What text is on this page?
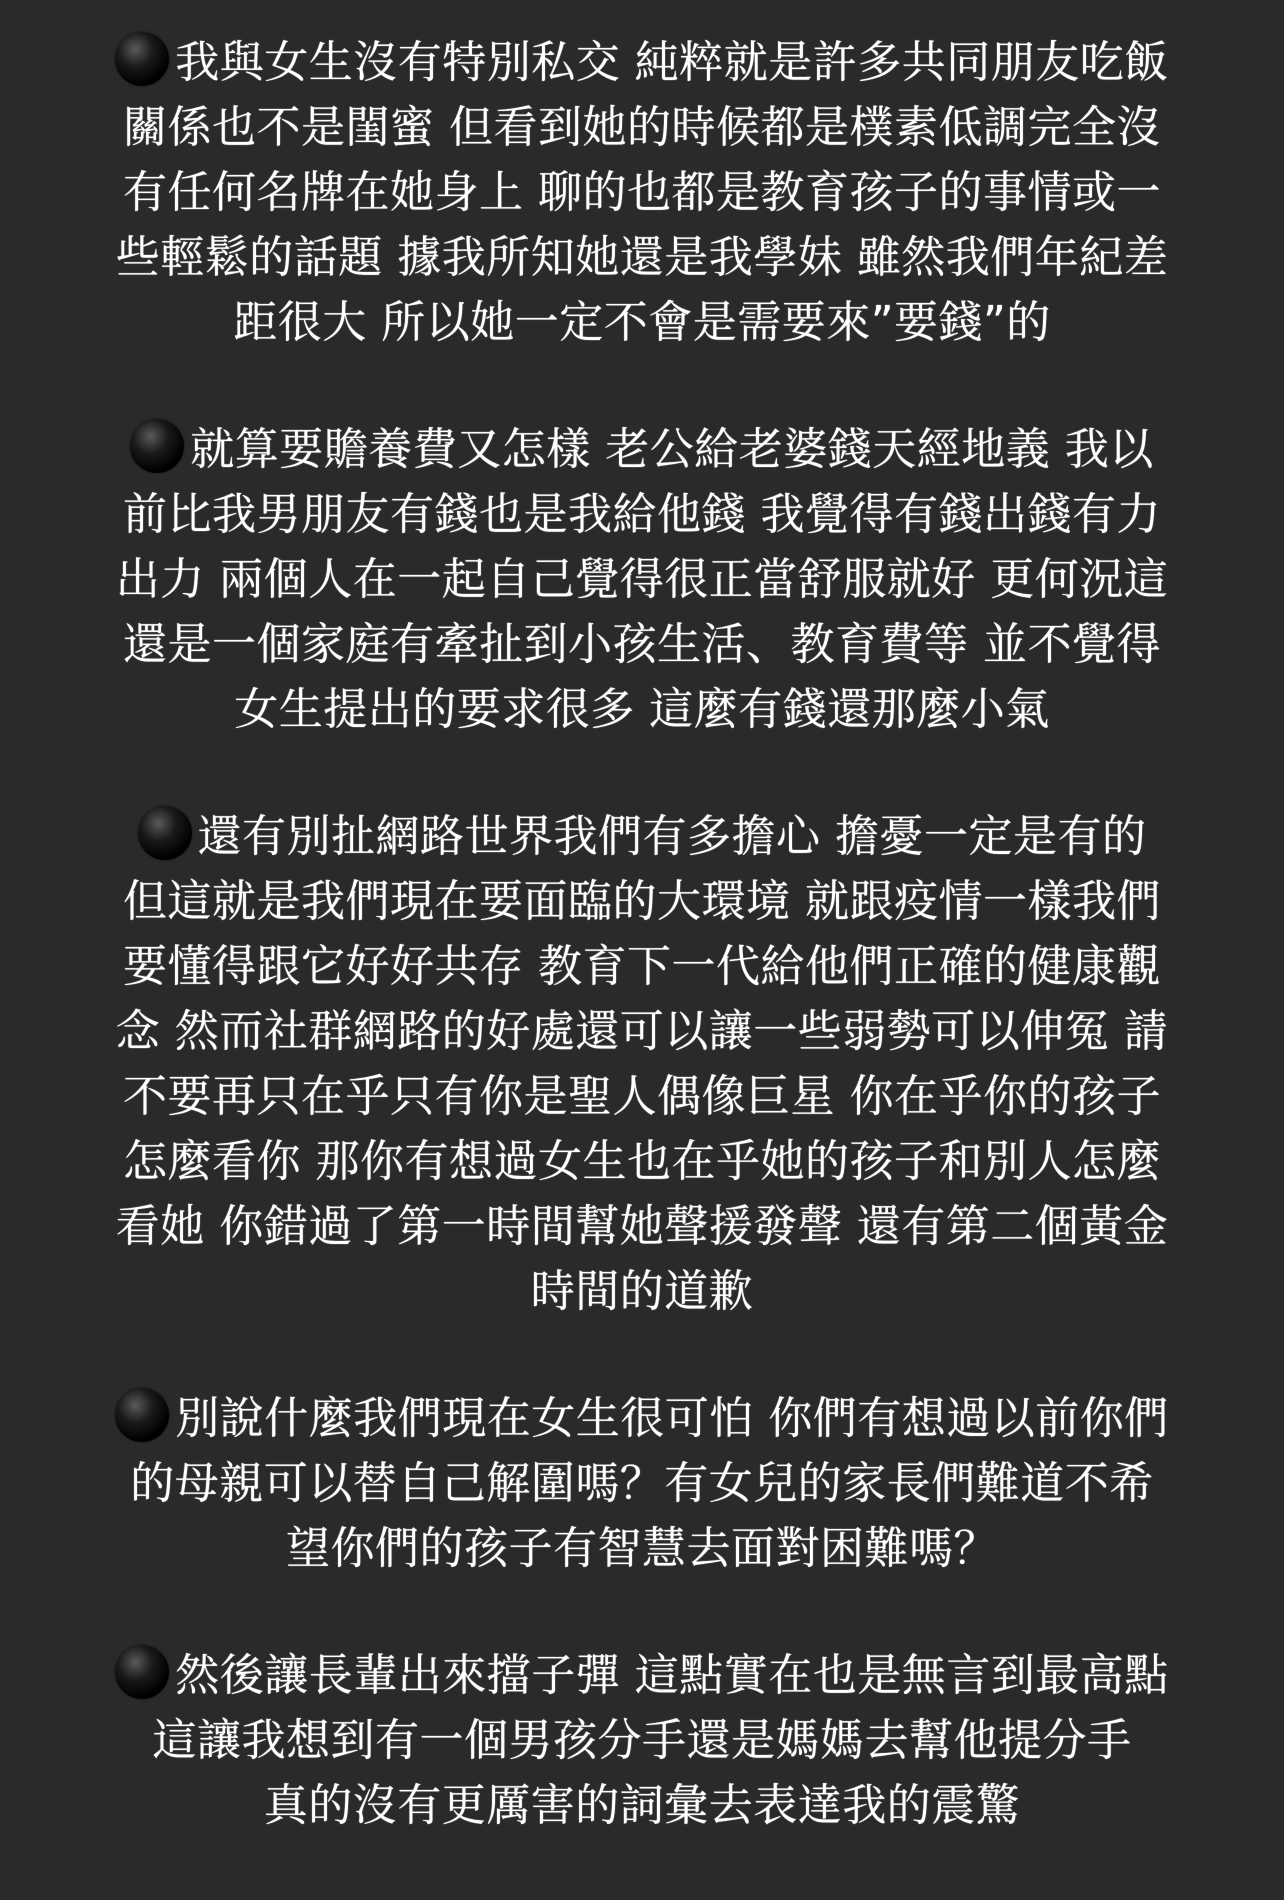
我與女生沒有特別私交 純粹就是許多共同朋友吃飯
關係也不是閨蜜 但看到她的時候都是樸素低調完全沒
有任何名牌在她身上 聊的也都是教育孩子的事情或一
些輕鬆的話題 據我所知她還是我學妹 雖然我們年紀差
距很大 所以她一定不會是需要來”要錢”的
就算要贍養費又怎樣 老公給老婆錢天經地義 我以
前比我男朋友有錢也是我給他錢 我覺得有錢出錢有力
出力 兩個人在一起自己覺得很正當舒服就好 更何況這
還是一個家庭有牽扯到小孩生活、教育費等 並不覺得
女生提出的要求很多 這麼有錢還那麼小氣
還有別扯網路世界我們有多擔心 擔憂一定是有的
但這就是我們現在要面臨的大環境 就跟疫情一樣我們
要懂得跟它好好共存 教育下一代給他們正確的健康觀
念 然而社群網路的好處還可以讓一些弱勢可以伸冤 請
不要再只在乎只有你是聖人偶像巨星 你在乎你的孩子
怎麼看你 那你有想過女生也在乎她的孩子和別人怎麼
看她 你錯過了第一時間幫她聲援發聲 還有第二個黃金
時間的道歉
別說什麼我們現在女生很可怕 你們有想過以前你們
的母親可以替自己解圍嗎？有女兒的家長們難道不希
望你們的孩子有智慧去面對困難嗎？
然後讓長輩出來擋子彈 這點實在也是無言到最高點
這讓我想到有一個男孩分手還是媽媽去幫他提分手
真的沒有更厲害的詞彙去表達我的震驚
